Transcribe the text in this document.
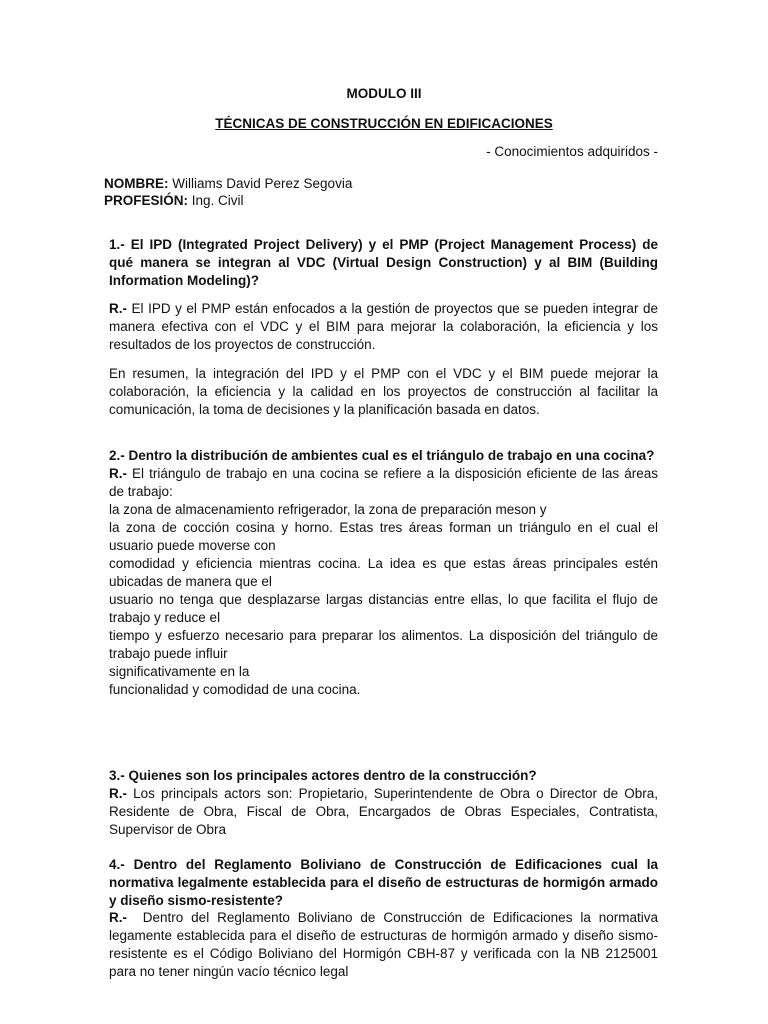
MODULO III
TÉCNICAS DE CONSTRUCCIÓN EN EDIFICACIONES
- Conocimientos adquiridos -
NOMBRE: Williams David Perez Segovia
PROFESIÓN: Ing. Civil
1.- El IPD (Integrated Project Delivery) y el PMP (Project Management Process) de qué manera se integran al VDC (Virtual Design Construction) y al BIM (Building Information Modeling)?
R.- El IPD y el PMP están enfocados a la gestión de proyectos que se pueden integrar de manera efectiva con el VDC y el BIM para mejorar la colaboración, la eficiencia y los resultados de los proyectos de construcción.
En resumen, la integración del IPD y el PMP con el VDC y el BIM puede mejorar la colaboración, la eficiencia y la calidad en los proyectos de construcción al facilitar la comunicación, la toma de decisiones y la planificación basada en datos.
2.- Dentro la distribución de ambientes cual es el triángulo de trabajo en una cocina?
R.- El triángulo de trabajo en una cocina se refiere a la disposición eficiente de las áreas
de trabajo:
la zona de almacenamiento refrigerador, la zona de preparación meson y
la zona de cocción cosina y horno. Estas tres áreas forman un triángulo en el cual el
usuario puede moverse con
comodidad y eficiencia mientras cocina. La idea es que estas áreas principales estén
ubicadas de manera que el
usuario no tenga que desplazarse largas distancias entre ellas, lo que facilita el flujo de
trabajo y reduce el
tiempo y esfuerzo necesario para preparar los alimentos. La disposición del triángulo de
trabajo puede influir
significativamente en la
funcionalidad y comodidad de una cocina.
3.- Quienes son los principales actores dentro de la construcción?
R.- Los principals actors son: Propietario, Superintendente de Obra o Director de Obra, Residente de Obra, Fiscal de Obra, Encargados de Obras Especiales, Contratista, Supervisor de Obra
4.- Dentro del Reglamento Boliviano de Construcción de Edificaciones cual la normativa legalmente establecida para el diseño de estructuras de hormigón armado y diseño sismo-resistente?
R.-  Dentro del Reglamento Boliviano de Construcción de Edificaciones la normativa legamente establecida para el diseño de estructuras de hormigón armado y diseño sismo-resistente es el Código Boliviano del Hormigón CBH-87 y verificada con la NB 2125001 para no tener ningún vacío técnico legal
